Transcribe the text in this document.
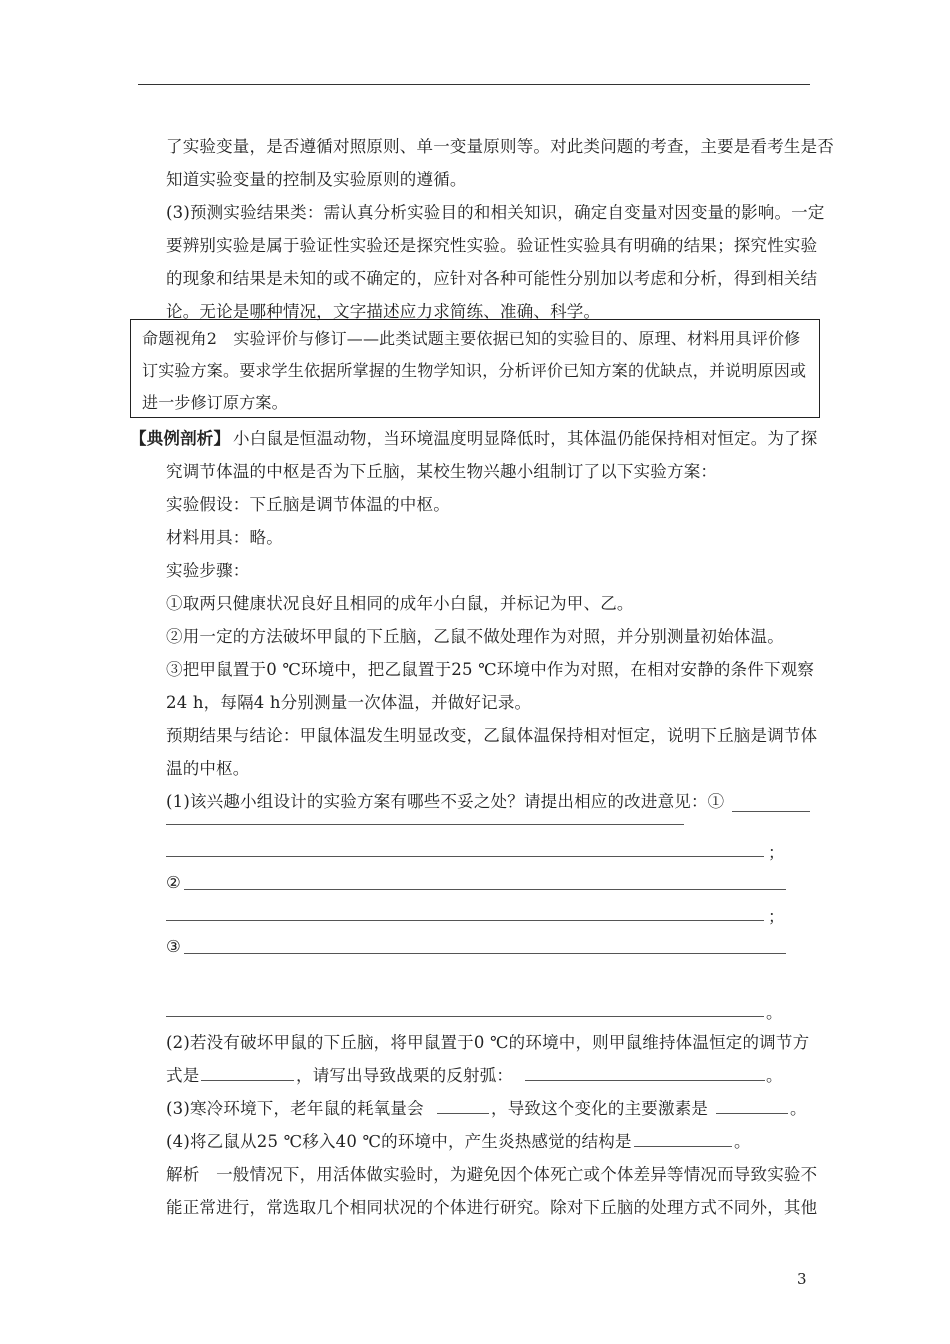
了实验变量，是否遵循对照原则、单一变量原则等。对此类问题的考查，主要是看考生是否
知道实验变量的控制及实验原则的遵循。
(3)预测实验结果类：需认真分析实验目的和相关知识，确定自变量对因变量的影响。一定
要辨别实验是属于验证性实验还是探究性实验。验证性实验具有明确的结果；探究性实验
的现象和结果是未知的或不确定的，应针对各种可能性分别加以考虑和分析，得到相关结
论。无论是哪种情况，文字描述应力求简练、准确、科学。
命题视角2　实验评价与修订——此类试题主要依据已知的实验目的、原理、材料用具评价修
订实验方案。要求学生依据所掌握的生物学知识，分析评价已知方案的优缺点，并说明原因或
进一步修订原方案。
【典例剖析】 小白鼠是恒温动物，当环境温度明显降低时，其体温仍能保持相对恒定。为了探
究调节体温的中枢是否为下丘脑，某校生物兴趣小组制订了以下实验方案：
实验假设：下丘脑是调节体温的中枢。
材料用具：略。
实验步骤：
①取两只健康状况良好且相同的成年小白鼠，并标记为甲、乙。
②用一定的方法破坏甲鼠的下丘脑，乙鼠不做处理作为对照，并分别测量初始体温。
③把甲鼠置于0 ℃环境中，把乙鼠置于25 ℃环境中作为对照，在相对安静的条件下观察
24 h，每隔4 h分别测量一次体温，并做好记录。
预期结果与结论：甲鼠体温发生明显改变，乙鼠体温保持相对恒定，说明下丘脑是调节体
温的中枢。
(1)该兴趣小组设计的实验方案有哪些不妥之处？请提出相应的改进意见：①
；
②
；
③
。
(2)若没有破坏甲鼠的下丘脑，将甲鼠置于0 ℃的环境中，则甲鼠维持体温恒定的调节方
式是	，请写出导致战栗的反射弧：	。
(3)寒冷环境下，老年鼠的耗氧量会	，导致这个变化的主要激素是	。
(4)将乙鼠从25 ℃移入40 ℃的环境中，产生炎热感觉的结构是	。
解析　一般情况下，用活体做实验时，为避免因个体死亡或个体差异等情况而导致实验不
能正常进行，常选取几个相同状况的个体进行研究。除对下丘脑的处理方式不同外，其他
3
